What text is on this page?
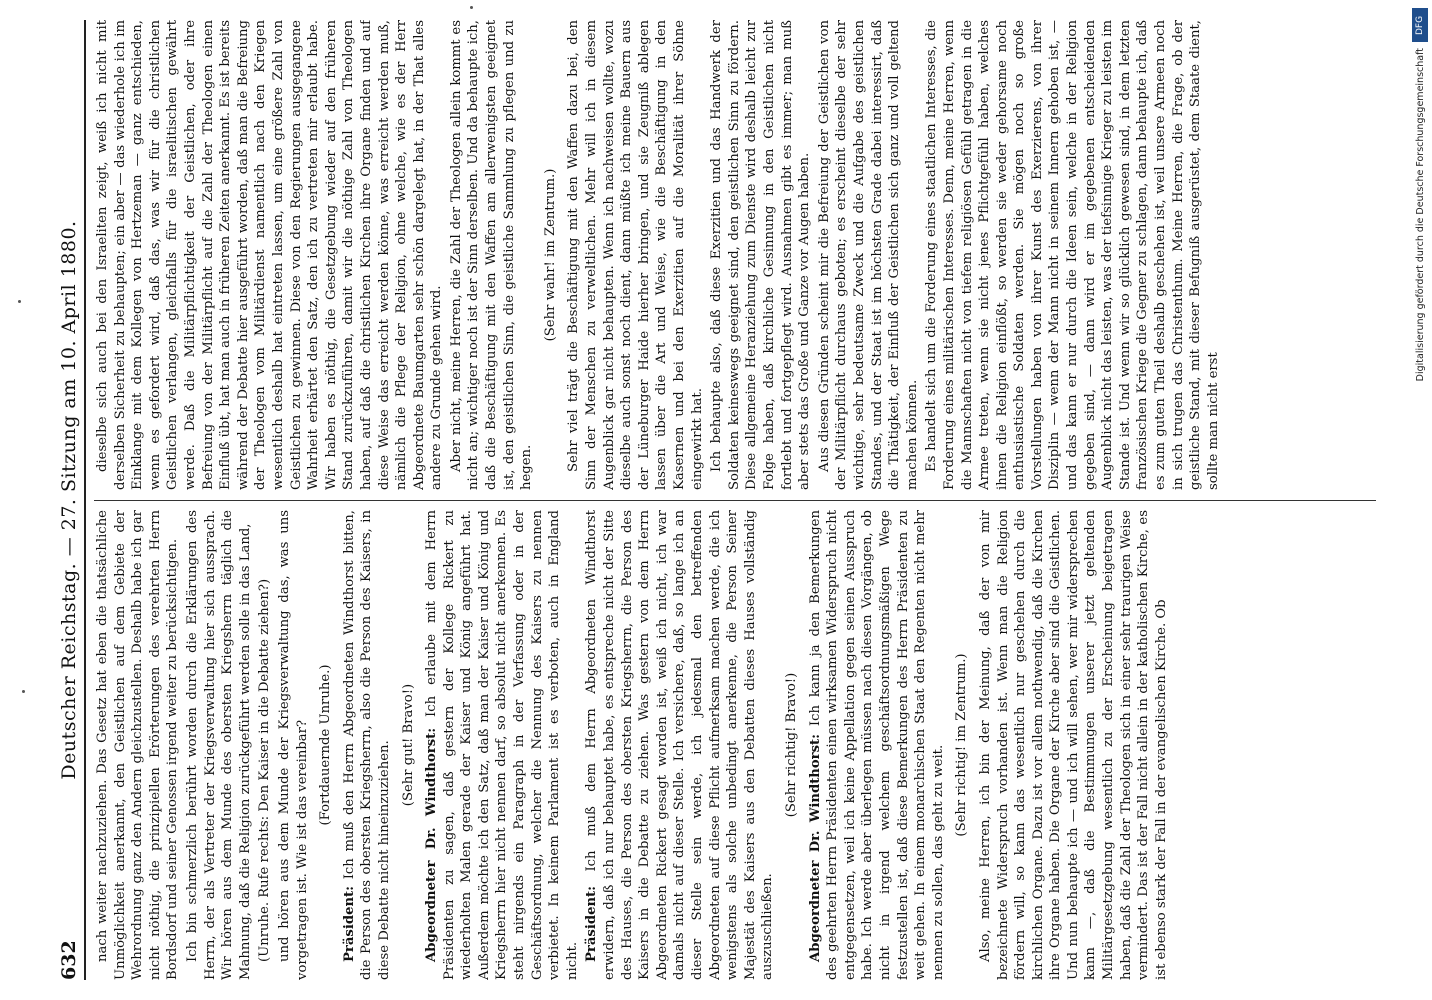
632
Deutscher Reichstag. — 27. Sitzung am 10. April 1880. nach weiter nachzuziehen. Das Gesetz hat eben die thatsächliche Unmöglichkeit anerkannt, den Geistlichen auf dem Gebiete der Wehrordnung ganz den Andern gleichzustellen. Deshalb habe ich gar nicht nöthig, die prinzipiellen Erörterungen des verehrten Herrn Bordsdorf und seiner Genossen irgend weiter zu berücksichtigen. Ich bin schmerzlich berührt worden durch die Erklärungen des Herrn, der als Vertreter der Kriegsverwaltung hier sich aussprach. Wir hören aus dem Munde des obersten Kriegsherrn täglich die Mahnung, daß die Religion zurückgeführt werden solle in das Land, (Unruhe. Rufe rechts: Den Kaiser in die Debatte ziehen?) und hören aus dem Munde der Kriegsverwaltung das, was uns vorgetragen ist. Wie ist das vereinbar? (Fortdauernde Unruhe.)

Präsident: Ich muß den Herrn Abgeordneten Windthorst bitten, die Person des obersten Kriegsherrn, also die Person des Kaisers, in diese Debatte nicht hineinzuziehen. (Sehr gut! Bravo!) Abgeordneter Dr. Windthorst: Ich erlaube mit dem Herrn Präsidenten zu sagen, daß gestern der Kollege Rickert zu wiederholten Malen gerade der Kaiser und König angeführt hat. Außerdem möchte ich den Satz, daß man der Kaiser und König und Kriegsherrn hier nicht nennen darf, so absolut nicht anerkennen. Es steht nirgends ein Paragraph in der Verfassung oder in der Geschäftsordnung, welcher die Nennung des Kaisers zu nennen verbietet. In keinem Parlament ist es verboten, auch in England nicht. Präsident: Ich muß dem Herrn Abgeordneten Windthorst erwidern, daß ich nur behauptet habe, es entspreche nicht der Sitte des Hauses, die Person des obersten Kriegsherrn, die Person des Kaisers in die Debatte zu ziehen. Was gestern von dem Herrn Abgeordneten Rickert gesagt worden ist, weiß ich nicht, ich war damals nicht auf dieser Stelle. Ich versichere, daß, so lange ich an dieser Stelle sein werde, ich jedesmal den betreffenden Abgeordneten auf diese Pflicht aufmerksam machen werde, die ich wenigstens als solche unbedingt anerkenne, die Person Seiner Majestät des Kaisers aus den Debatten dieses Hauses vollständig auszuschließen.

(Sehr richtig! Bravo!) Abgeordneter Dr. Windthorst: Ich kann ja den Bemerkungen des geehrten Herrn Präsidenten einen wirksamen Widerspruch nicht entgegensetzen, weil ich keine Appellation gegen seinen Ausspruch habe. Ich werde aber überlegen müssen nach diesen Vorgängen, ob nicht in irgend welchem geschäftsordnungsmäßigen Wege festzustellen ist, daß diese Bemerkungen des Herrn Präsidenten zu weit gehen. In einem monarchischen Staat den Regenten nicht mehr nennen zu sollen, das geht zu weit. (Sehr richtig! im Zentrum.) Also, meine Herren, ich bin der Meinung, daß der von mir bezeichnete Widerspruch vorhanden ist. Wenn man die Religion fördern will, so kann das wesentlich nur geschehen durch die kirchlichen Organe. Dazu ist vor allem nothwendig, daß die Kirchen ihre Organe haben. Die Organe der Kirche aber sind die Geistlichen. Und nun behaupte ich — und ich will sehen, wer mir widersprechen kann —, daß die Bestimmungen unserer jetzt geltenden Militärgesetzgebung wesentlich zu der Erscheinung beigetragen haben, daß die Zahl der Theologen sich in einer sehr traurigen Weise vermindert. Das ist der Fall nicht allein in der katholischen Kirche, es ist ebenso stark der Fall in der evangelischen Kirche. Ob

dieselbe sich auch bei den Israeliten zeigt, weiß ich nicht mit derselben Sicherheit zu behaupten; ein aber — das wiederhole ich im Einklange mit dem Kollegen von Hertzeman — ganz entschieden, wenn es gefordert wird, daß das, was wir für die christlichen Geistlichen verlangen, gleichfalls für die israelitischen gewährt werde. Daß die Militärpflichtigkeit der Geistlichen, oder ihre Befreiung von der Militärpflicht auf die Zahl der Theologen einen Einfluß übt, hat man auch in früheren Zeiten anerkannt. Es ist bereits während der Debatte hier ausgeführt worden, daß man die Befreiung der Theologen vom Militärdienst namentlich nach den Kriegen wesentlich deshalb hat eintreten lassen, um eine größere Zahl von Geistlichen zu gewinnen. Diese von den Regierungen ausgegangene Wahrheit erhärtet den Satz, den ich zu vertreten mir erlaubt habe. Wir haben es nöthig, die Gesetzgebung wieder auf den früheren Stand zurückzuführen, damit wir die nöthige Zahl von Theologen haben, auf daß die christlichen Kirchen ihre Organe finden und auf diese Weise das erreicht werden könne, was erreicht werden muß, nämlich die Pflege der Religion, ohne welche, wie es der Herr Abgeordnete Baumgarten sehr schön dargelegt hat, in der That alles andere zu Grunde gehen wird. Aber nicht, meine Herren, die Zahl der Theologen allein kommt es nicht an; wichtiger noch ist der Sinn derselben. Und da behaupte ich, daß die Beschäftigung mit den Waffen am allerwenigsten geeignet ist, den geistlichen Sinn, die geistliche Sammlung zu pflegen und zu hegen.

(Sehr wahr! im Zentrum.) Sehr viel trägt die Beschäftigung mit den Waffen dazu bei, den Sinn der Menschen zu verweltlichen. Mehr will ich in diesem Augenblick gar nicht behaupten. Wenn ich nachweisen wollte, wozu dieselbe auch sonst noch dient, dann müßte ich meine Bauern aus der Lüneburger Haide hierher bringen, und sie Zeugniß ablegen lassen über die Art und Weise, wie die Beschäftigung in den Kasernen und bei den Exerzitien auf die Moralität ihrer Söhne eingewirkt hat. Ich behaupte also, daß diese Exerzitien und das Handwerk der Soldaten keineswegs geeignet sind, den geistlichen Sinn zu fördern. Diese allgemeine Heranziehung zum Dienste wird deshalb leicht zur Folge haben, daß kirchliche Gesinnung in den Geistlichen nicht fortlebt und fortgepflegt wird. Ausnahmen gibt es immer; man muß aber stets das Große und Ganze vor Augen haben. Aus diesen Gründen scheint mir die Befreiung der Geistlichen von der Militärpflicht durchaus geboten; es erscheint dieselbe der sehr wichtige, sehr bedeutsame Zweck und die Aufgabe des geistlichen Standes, und der Staat ist im höchsten Grade dabei interessirt, daß die Thätigkeit, der Einfluß der Geistlichen sich ganz und voll geltend machen können. Es handelt sich um die Forderung eines staatlichen Interesses, die Forderung eines militärischen Interesses. Denn, meine Herren, wenn die Mannschaften nicht von tiefem religiösen Gefühl getragen in die Armee treten, wenn sie nicht jenes Pflichtgefühl haben, welches ihnen die Religion einflößt, so werden sie weder gehorsame noch enthusiastische Soldaten werden. Sie mögen noch so große Vorstellungen haben von ihrer Kunst des Exerzierens, von ihrer Disziplin — wenn der Mann nicht in seinem Innern gehoben ist, — und das kann er nur durch die Ideen sein, welche in der Religion gegeben sind, — dann wird er im gegebenen entscheidenden Augenblick nicht das leisten, was der tiefsinnige Krieger zu leisten im Stande ist. Und wenn wir so glücklich gewesen sind, in dem letzten französischen Kriege die Gegner zu schlagen, dann behaupte ich, daß es zum guten Theil deshalb geschehen ist, weil unsere Armeen noch in sich trugen das Christenthum. Meine Herren, die Frage, ob der geistliche Stand, mit dieser Befugniß ausgerüstet, dem Staate dient, sollte man nicht erst

DFG
Digitalisierung gefördert durch die Deutsche Forschungsgemeinschaft
